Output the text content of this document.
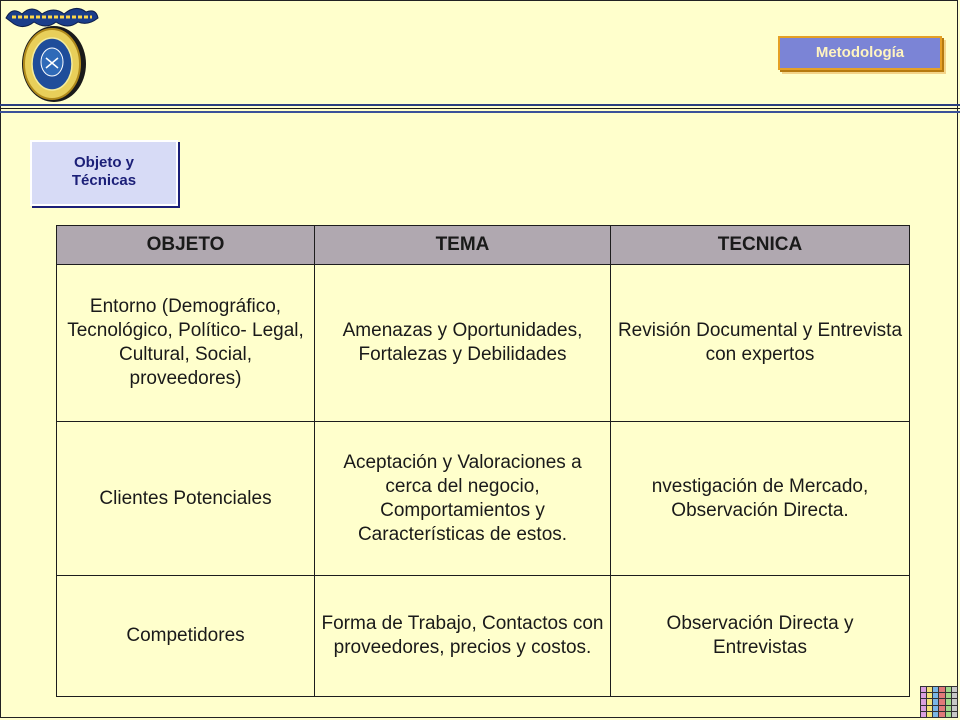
Metodología
Objeto y
Técnicas
OBJETO	TEMA	TECNICA
Entorno (Demográfico, Tecnológico, Político- Legal, Cultural, Social, proveedores)	Amenazas y Oportunidades, Fortalezas y Debilidades	Revisión Documental y Entrevista con expertos
Clientes Potenciales	Aceptación y Valoraciones a cerca del negocio, Comportamientos y Características de estos.	nvestigación de Mercado, Observación Directa.
Competidores	Forma de Trabajo, Contactos con proveedores, precios y costos.	Observación Directa y Entrevistas
